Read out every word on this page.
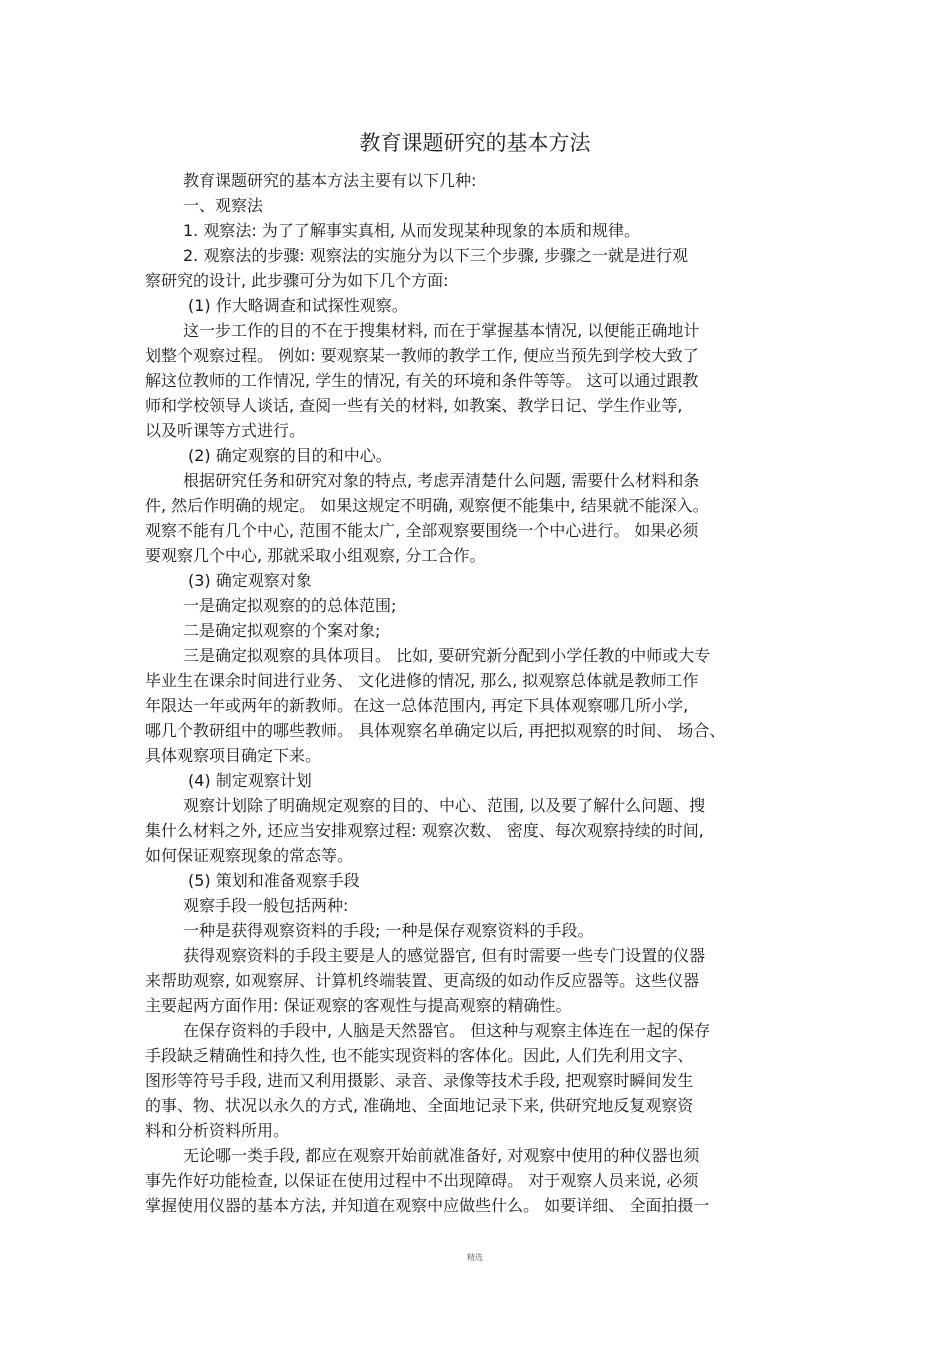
教育课题研究的基本方法
教育课题研究的基本方法主要有以下几种:
一、观察法
1. 观察法: 为了了解事实真相, 从而发现某种现象的本质和规律。
2. 观察法的步骤: 观察法的实施分为以下三个步骤, 步骤之一就是进行观
察研究的设计, 此步骤可分为如下几个方面:
(1) 作大略调查和试探性观察。
这一步工作的目的不在于搜集材料, 而在于掌握基本情况, 以便能正确地计
划整个观察过程。 例如: 要观察某一教师的教学工作, 便应当预先到学校大致了
解这位教师的工作情况, 学生的情况, 有关的环境和条件等等。 这可以通过跟教
师和学校领导人谈话, 查阅一些有关的材料, 如教案、教学日记、学生作业等,
以及听课等方式进行。
(2) 确定观察的目的和中心。
根据研究任务和研究对象的特点, 考虑弄清楚什么问题, 需要什么材料和条
件, 然后作明确的规定。 如果这规定不明确, 观察便不能集中, 结果就不能深入。
观察不能有几个中心, 范围不能太广, 全部观察要围绕一个中心进行。 如果必须
要观察几个中心, 那就采取小组观察, 分工合作。
(3) 确定观察对象
一是确定拟观察的的总体范围;
二是确定拟观察的个案对象;
三是确定拟观察的具体项目。 比如, 要研究新分配到小学任教的中师或大专
毕业生在课余时间进行业务、 文化进修的情况, 那么, 拟观察总体就是教师工作
年限达一年或两年的新教师。在这一总体范围内, 再定下具体观察哪几所小学,
哪几个教研组中的哪些教师。 具体观察名单确定以后, 再把拟观察的时间、 场合、
具体观察项目确定下来。
(4) 制定观察计划
观察计划除了明确规定观察的目的、中心、范围, 以及要了解什么问题、搜
集什么材料之外, 还应当安排观察过程: 观察次数、 密度、每次观察持续的时间,
如何保证观察现象的常态等。
(5) 策划和准备观察手段
观察手段一般包括两种:
一种是获得观察资料的手段; 一种是保存观察资料的手段。
获得观察资料的手段主要是人的感觉器官, 但有时需要一些专门设置的仪器
来帮助观察, 如观察屏、计算机终端装置、更高级的如动作反应器等。这些仪器
主要起两方面作用: 保证观察的客观性与提高观察的精确性。
在保存资料的手段中, 人脑是天然器官。 但这种与观察主体连在一起的保存
手段缺乏精确性和持久性, 也不能实现资料的客体化。因此, 人们先利用文字、
图形等符号手段, 进而又利用摄影、录音、录像等技术手段, 把观察时瞬间发生
的事、物、状况以永久的方式, 准确地、全面地记录下来, 供研究地反复观察资
料和分析资料所用。
无论哪一类手段, 都应在观察开始前就准备好, 对观察中使用的种仪器也须
事先作好功能检查, 以保证在使用过程中不出现障碍。 对于观察人员来说, 必须
掌握使用仪器的基本方法, 并知道在观察中应做些什么。 如要详细、 全面拍摄一
精选
